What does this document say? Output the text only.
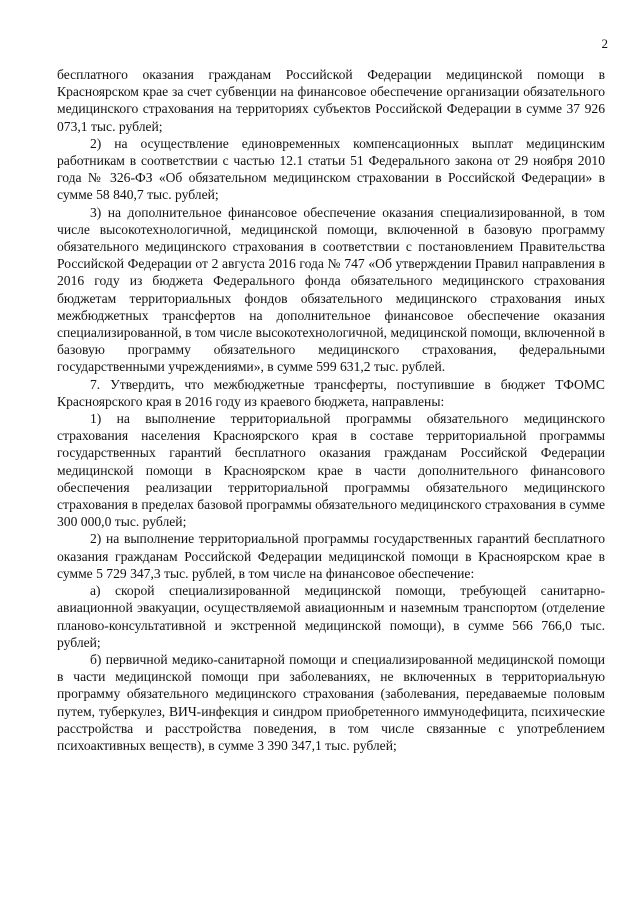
2

бесплатного оказания гражданам Российской Федерации медицинской помощи в Красноярском крае за счет субвенции на финансовое обеспечение организации обязательного медицинского страхования на территориях субъектов Российской Федерации в сумме 37 926 073,1 тыс. рублей;

2) на осуществление единовременных компенсационных выплат медицинским работникам в соответствии с частью 12.1 статьи 51 Федерального закона от 29 ноября 2010 года № 326-ФЗ «Об обязательном медицинском страховании в Российской Федерации» в сумме 58 840,7 тыс. рублей;

3) на дополнительное финансовое обеспечение оказания специализированной, в том числе высокотехнологичной, медицинской помощи, включенной в базовую программу обязательного медицинского страхования в соответствии с постановлением Правительства Российской Федерации от 2 августа 2016 года № 747 «Об утверждении Правил направления в 2016 году из бюджета Федерального фонда обязательного медицинского страхования бюджетам территориальных фондов обязательного медицинского страхования иных межбюджетных трансфертов на дополнительное финансовое обеспечение оказания специализированной, в том числе высокотехнологичной, медицинской помощи, включенной в базовую программу обязательного медицинского страхования, федеральными государственными учреждениями», в сумме 599 631,2 тыс. рублей.

7. Утвердить, что межбюджетные трансферты, поступившие в бюджет ТФОМС Красноярского края в 2016 году из краевого бюджета, направлены:

1) на выполнение территориальной программы обязательного медицинского страхования населения Красноярского края в составе территориальной программы государственных гарантий бесплатного оказания гражданам Российской Федерации медицинской помощи в Красноярском крае в части дополнительного финансового обеспечения реализации территориальной программы обязательного медицинского страхования в пределах базовой программы обязательного медицинского страхования в сумме 300 000,0 тыс. рублей;

2) на выполнение территориальной программы государственных гарантий бесплатного оказания гражданам Российской Федерации медицинской помощи в Красноярском крае в сумме 5 729 347,3 тыс. рублей, в том числе на финансовое обеспечение:

а) скорой специализированной медицинской помощи, требующей санитарно-авиационной эвакуации, осуществляемой авиационным и наземным транспортом (отделение планово-консультативной и экстренной медицинской помощи), в сумме 566 766,0 тыс. рублей;

б) первичной медико-санитарной помощи и специализированной медицинской помощи в части медицинской помощи при заболеваниях, не включенных в территориальную программу обязательного медицинского страхования (заболевания, передаваемые половым путем, туберкулез, ВИЧ-инфекция и синдром приобретенного иммунодефицита, психические расстройства и расстройства поведения, в том числе связанные с употреблением психоактивных веществ), в сумме 3 390 347,1 тыс. рублей;
